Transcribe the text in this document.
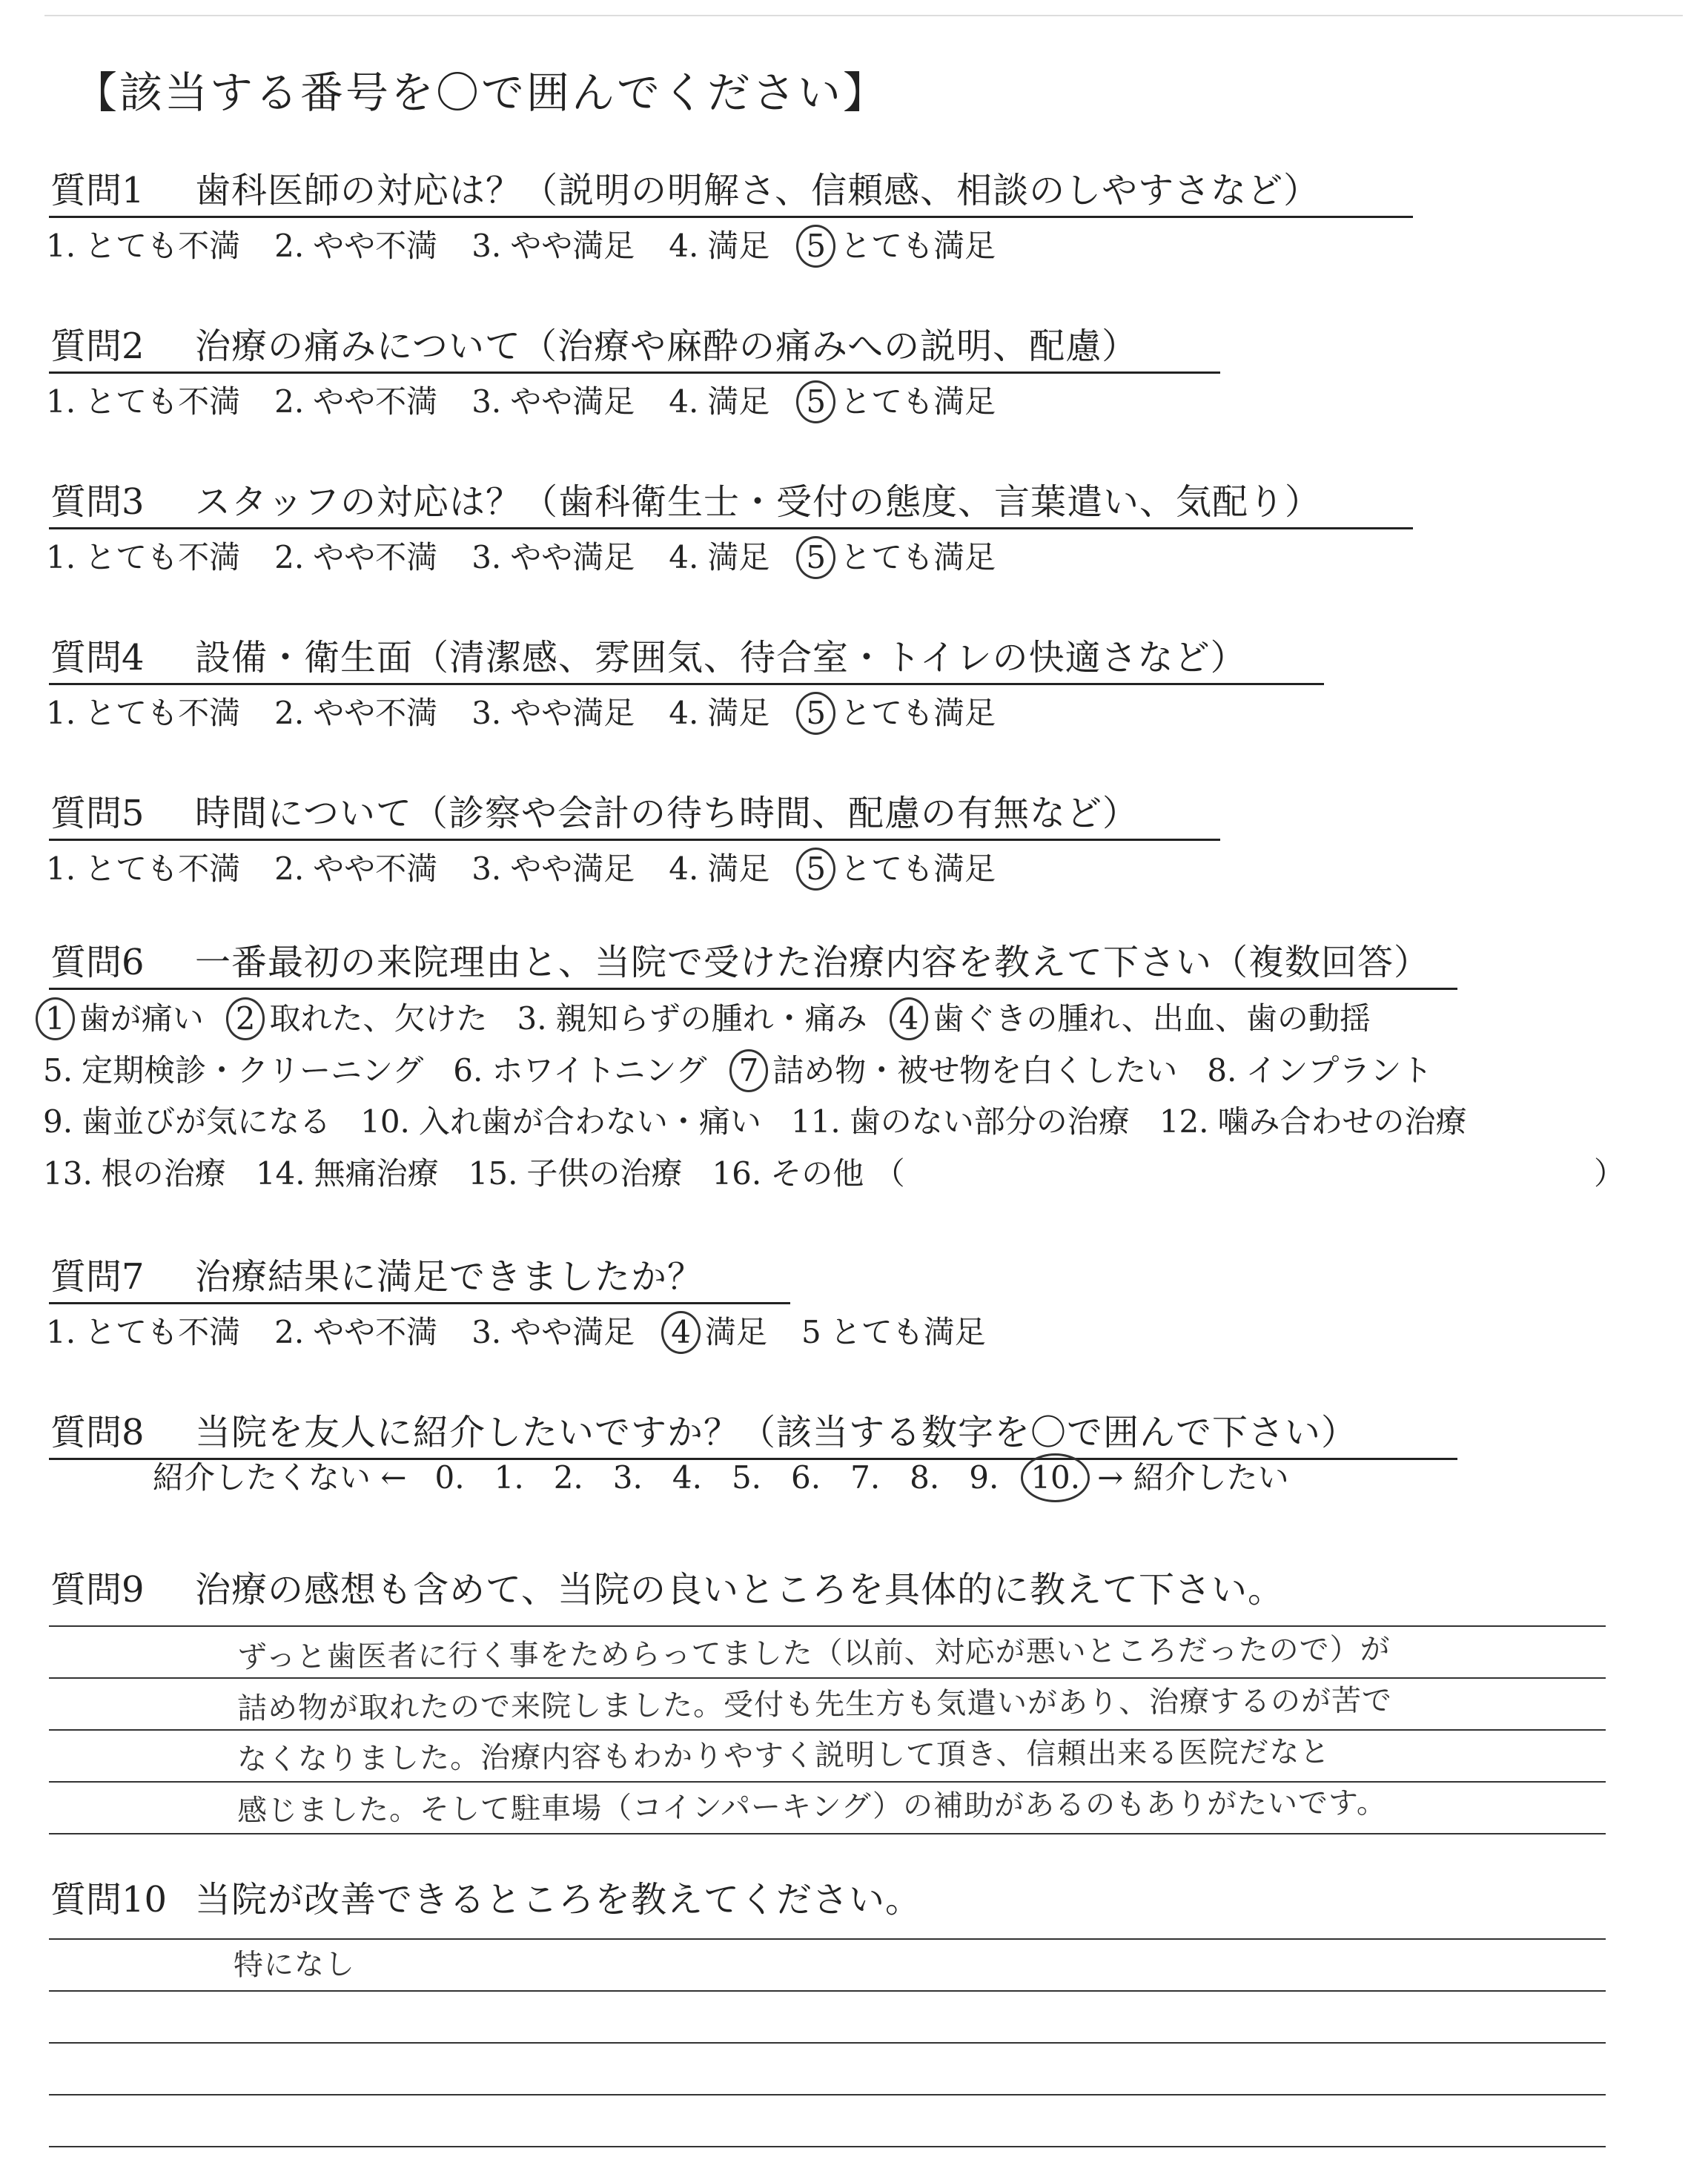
【該当する番号を〇で囲んでください】
質問1 歯科医師の対応は？（説明の明解さ、信頼感、相談のしやすさなど）
1. とても不満 2. やや不満 3. やや満足 4. 満足 5 とても満足
質問2 治療の痛みについて（治療や麻酔の痛みへの説明、配慮）
1. とても不満 2. やや不満 3. やや満足 4. 満足 5 とても満足
質問3 スタッフの対応は？（歯科衛生士・受付の態度、言葉遣い、気配り）
1. とても不満 2. やや不満 3. やや満足 4. 満足 5 とても満足
質問4 設備・衛生面（清潔感、雰囲気、待合室・トイレの快適さなど）
1. とても不満 2. やや不満 3. やや満足 4. 満足 5 とても満足
質問5 時間について（診察や会計の待ち時間、配慮の有無など）
1. とても不満 2. やや不満 3. やや満足 4. 満足 5 とても満足
質問6 一番最初の来院理由と、当院で受けた治療内容を教えて下さい（複数回答）
1 歯が痛い 2 取れた、欠けた 3. 親知らずの腫れ・痛み 4 歯ぐきの腫れ、出血、歯の動揺
5. 定期検診・クリーニング 6. ホワイトニング 7 詰め物・被せ物を白くしたい 8. インプラント
9. 歯並びが気になる 10. 入れ歯が合わない・痛い 11. 歯のない部分の治療 12. 噛み合わせの治療
13. 根の治療 14. 無痛治療 15. 子供の治療 16. その他 （	）
質問7 治療結果に満足できましたか？
1. とても不満 2. やや不満 3. やや満足 4 満足 5 とても満足
質問8 当院を友人に紹介したいですか？（該当する数字を〇で囲んで下さい）
紹介したくない ← 0. 1. 2. 3. 4. 5. 6. 7. 8. 9. 10. → 紹介したい
質問9 治療の感想も含めて、当院の良いところを具体的に教えて下さい。
ずっと歯医者に行く事をためらってました（以前、対応が悪いところだったので）が
詰め物が取れたので来院しました。受付も先生方も気遣いがあり、治療するのが苦で
なくなりました。治療内容もわかりやすく説明して頂き、信頼出来る医院だなと
感じました。そして駐車場（コインパーキング）の補助があるのもありがたいです。
質問10 当院が改善できるところを教えてください。
特になし
